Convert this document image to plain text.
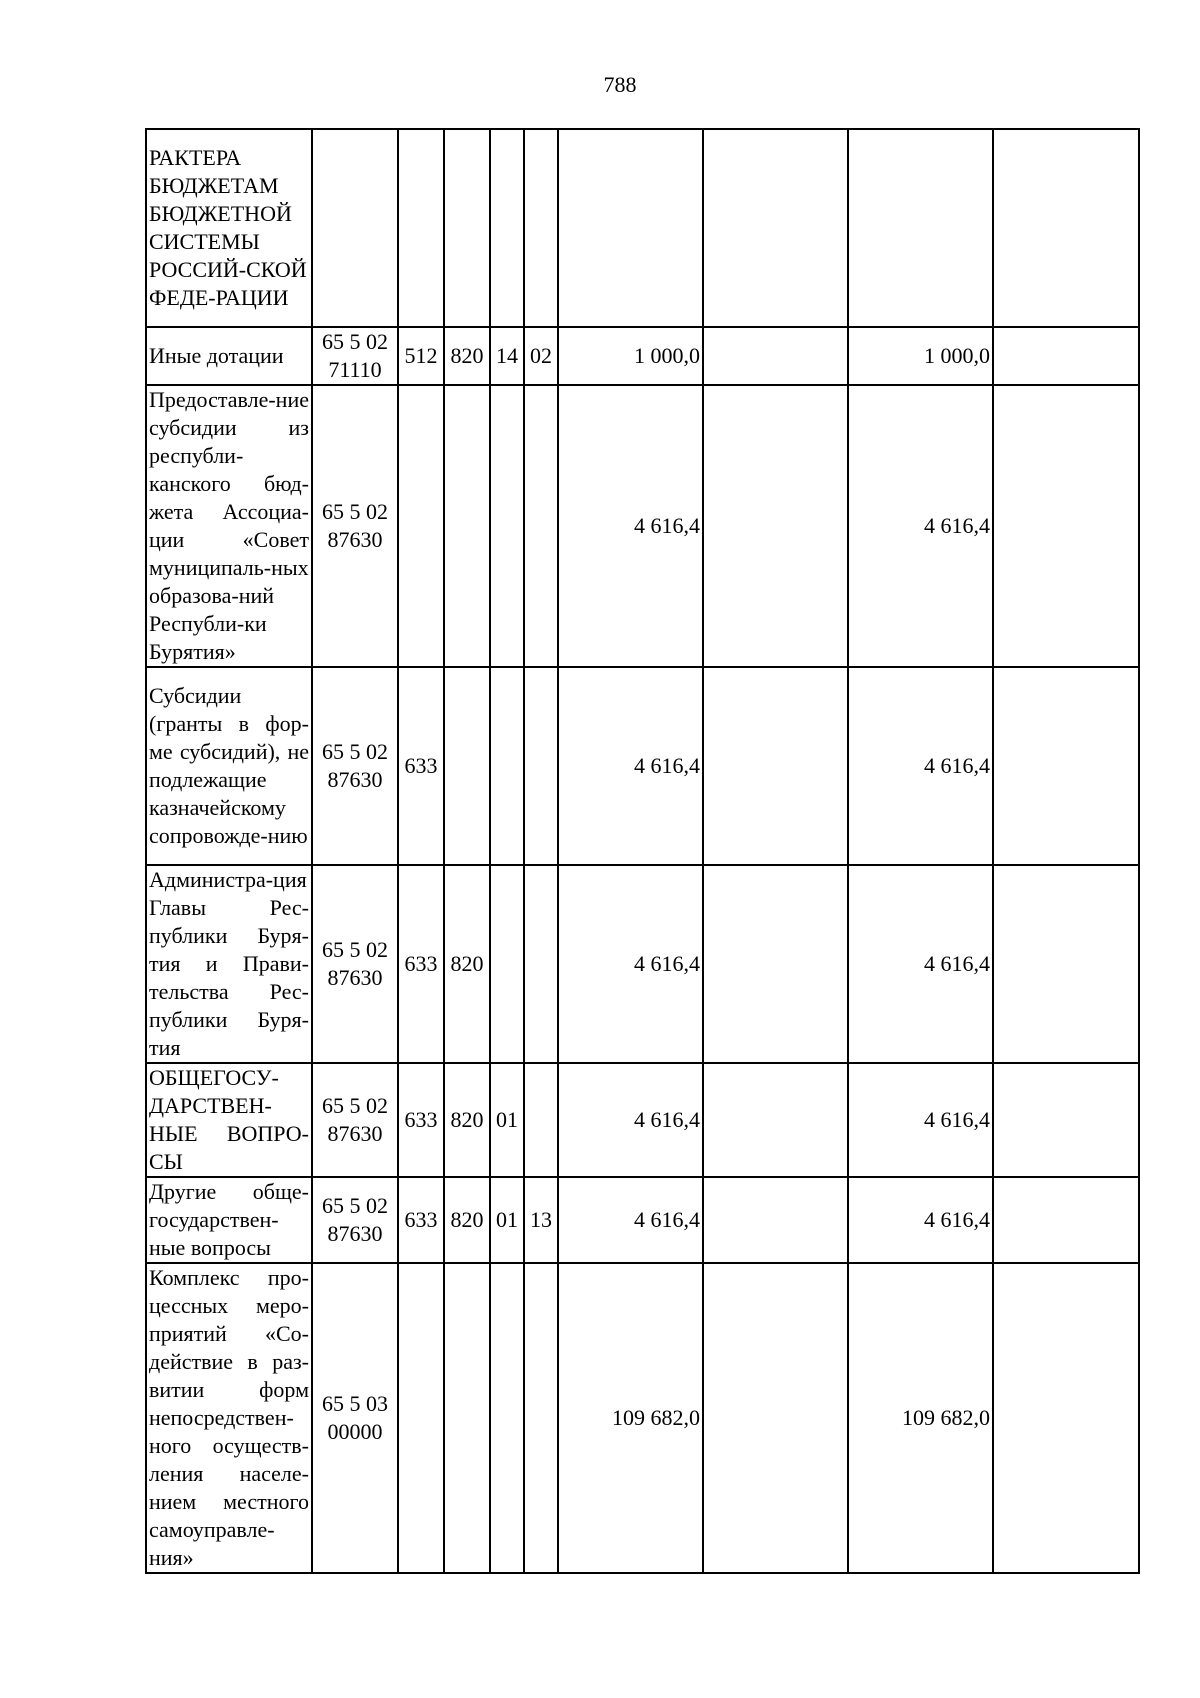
788
РАКТЕРА БЮДЖЕТАМ БЮДЖЕТНОЙ СИСТЕМЫ РОССИЙ-СКОЙ ФЕДЕ-РАЦИИ									
Иные дотации	65 5 02 71110	512	820	14	02	1 000,0		1 000,0	
Предоставле-ние субсидии из республи-канского бюд-жета Ассоциа-ции «Совет муниципаль-ных образова-ний Республи-ки Бурятия»	65 5 02 87630					4 616,4		4 616,4	
Субсидии (гранты в фор-ме субсидий), не подлежащие казначейскому сопровожде-нию	65 5 02 87630	633				4 616,4		4 616,4	
Администра-ция Главы Рес-публики Буря-тия и Прави-тельства Рес-публики Буря-тия	65 5 02 87630	633	820			4 616,4		4 616,4	
ОБЩЕГОСУ-ДАРСТВЕН-НЫЕ ВОПРО-СЫ	65 5 02 87630	633	820	01		4 616,4		4 616,4	
Другие обще-государствен-ные вопросы	65 5 02 87630	633	820	01	13	4 616,4		4 616,4	
Комплекс про-цессных меро-приятий «Со-действие в раз-витии форм непосредствен-ного осуществ-ления населе-нием местного самоуправле-ния»	65 5 03 00000					109 682,0		109 682,0	
